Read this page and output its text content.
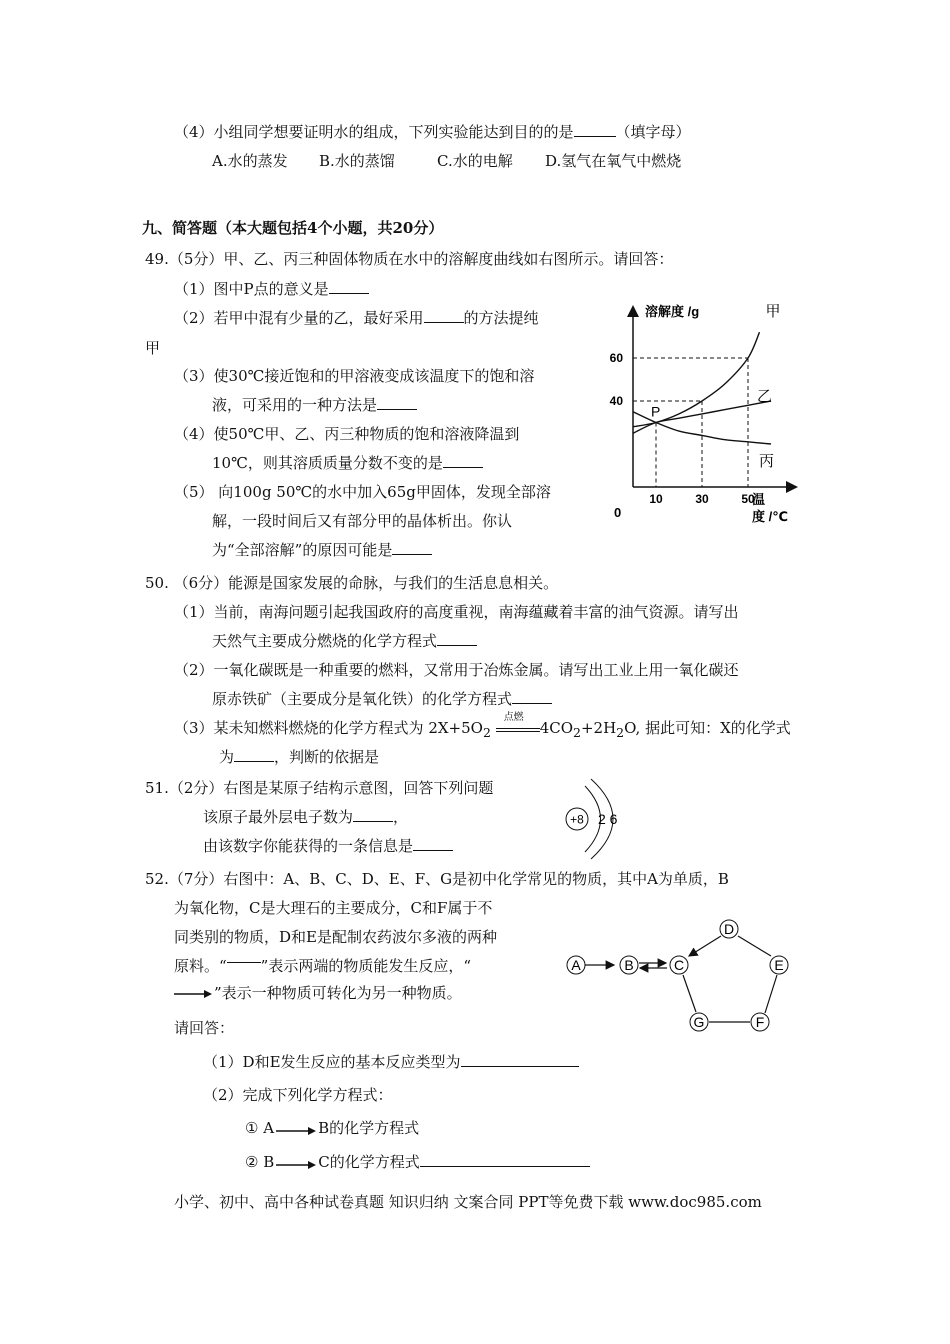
（4）小组同学想要证明水的组成，下列实验能达到目的的是	（填字母）
A.水的蒸发 B.水的蒸馏	C.水的电解 D.氢气在氧气中燃烧
九、简答题（本大题包括4个小题，共20分）
49.（5分）甲、乙、丙三种固体物质在水中的溶解度曲线如右图所示。请回答：
（1）图中P点的意义是
（2）若甲中混有少量的乙，最好采用	的方法提纯
甲
（3）使30℃接近饱和的甲溶液变成该温度下的饱和溶
液，可采用的一种方法是
（4）使50℃甲、乙、丙三种物质的饱和溶液降温到
10℃，则其溶质质量分数不变的是
（5） 向100g 50℃的水中加入65g甲固体，发现全部溶
解，一段时间后又有部分甲的晶体析出。你认
为“全部溶解”的原因可能是
溶解度 /g
温
度 /℃
0
10	30	50
40
60
甲
乙
丙
P
50. （6分）能源是国家发展的命脉，与我们的生活息息相关。
（1）当前，南海问题引起我国政府的高度重视，南海蕴藏着丰富的油气资源。请写出
天然气主要成分燃烧的化学方程式
（2）一氧化碳既是一种重要的燃料，又常用于冶炼金属。请写出工业上用一氧化碳还
原赤铁矿（主要成分是氧化铁）的化学方程式
（3）某未知燃料燃烧的化学方程式为 $2X+5O_2$
点燃
$4CO_2+2H_2O$, 据此可知：X的化学式
为	，判断的依据是
51.（2分）右图是某原子结构示意图，回答下列问题
该原子最外层电子数为	，
由该数字你能获得的一条信息是
+8 2 6
52.（7分）右图中：A、B、C、D、E、F、G是初中化学常见的物质，其中A为单质，B
为氧化物，C是大理石的主要成分，C和F属于不
同类别的物质，D和E是配制农药波尔多液的两种
原料。“ ”表示两端的物质能发生反应，“
”表示一种物质可转化为另一种物质。
请回答：
（1）D和E发生反应的基本反应类型为
（2）完成下列化学方程式：
① A	B的化学方程式
② B	C的化学方程式
A	B	C
D
E
F
G
小学、初中、高中各种试卷真题 知识归纳 文案合同 PPT等免费下载 www.doc985.com
